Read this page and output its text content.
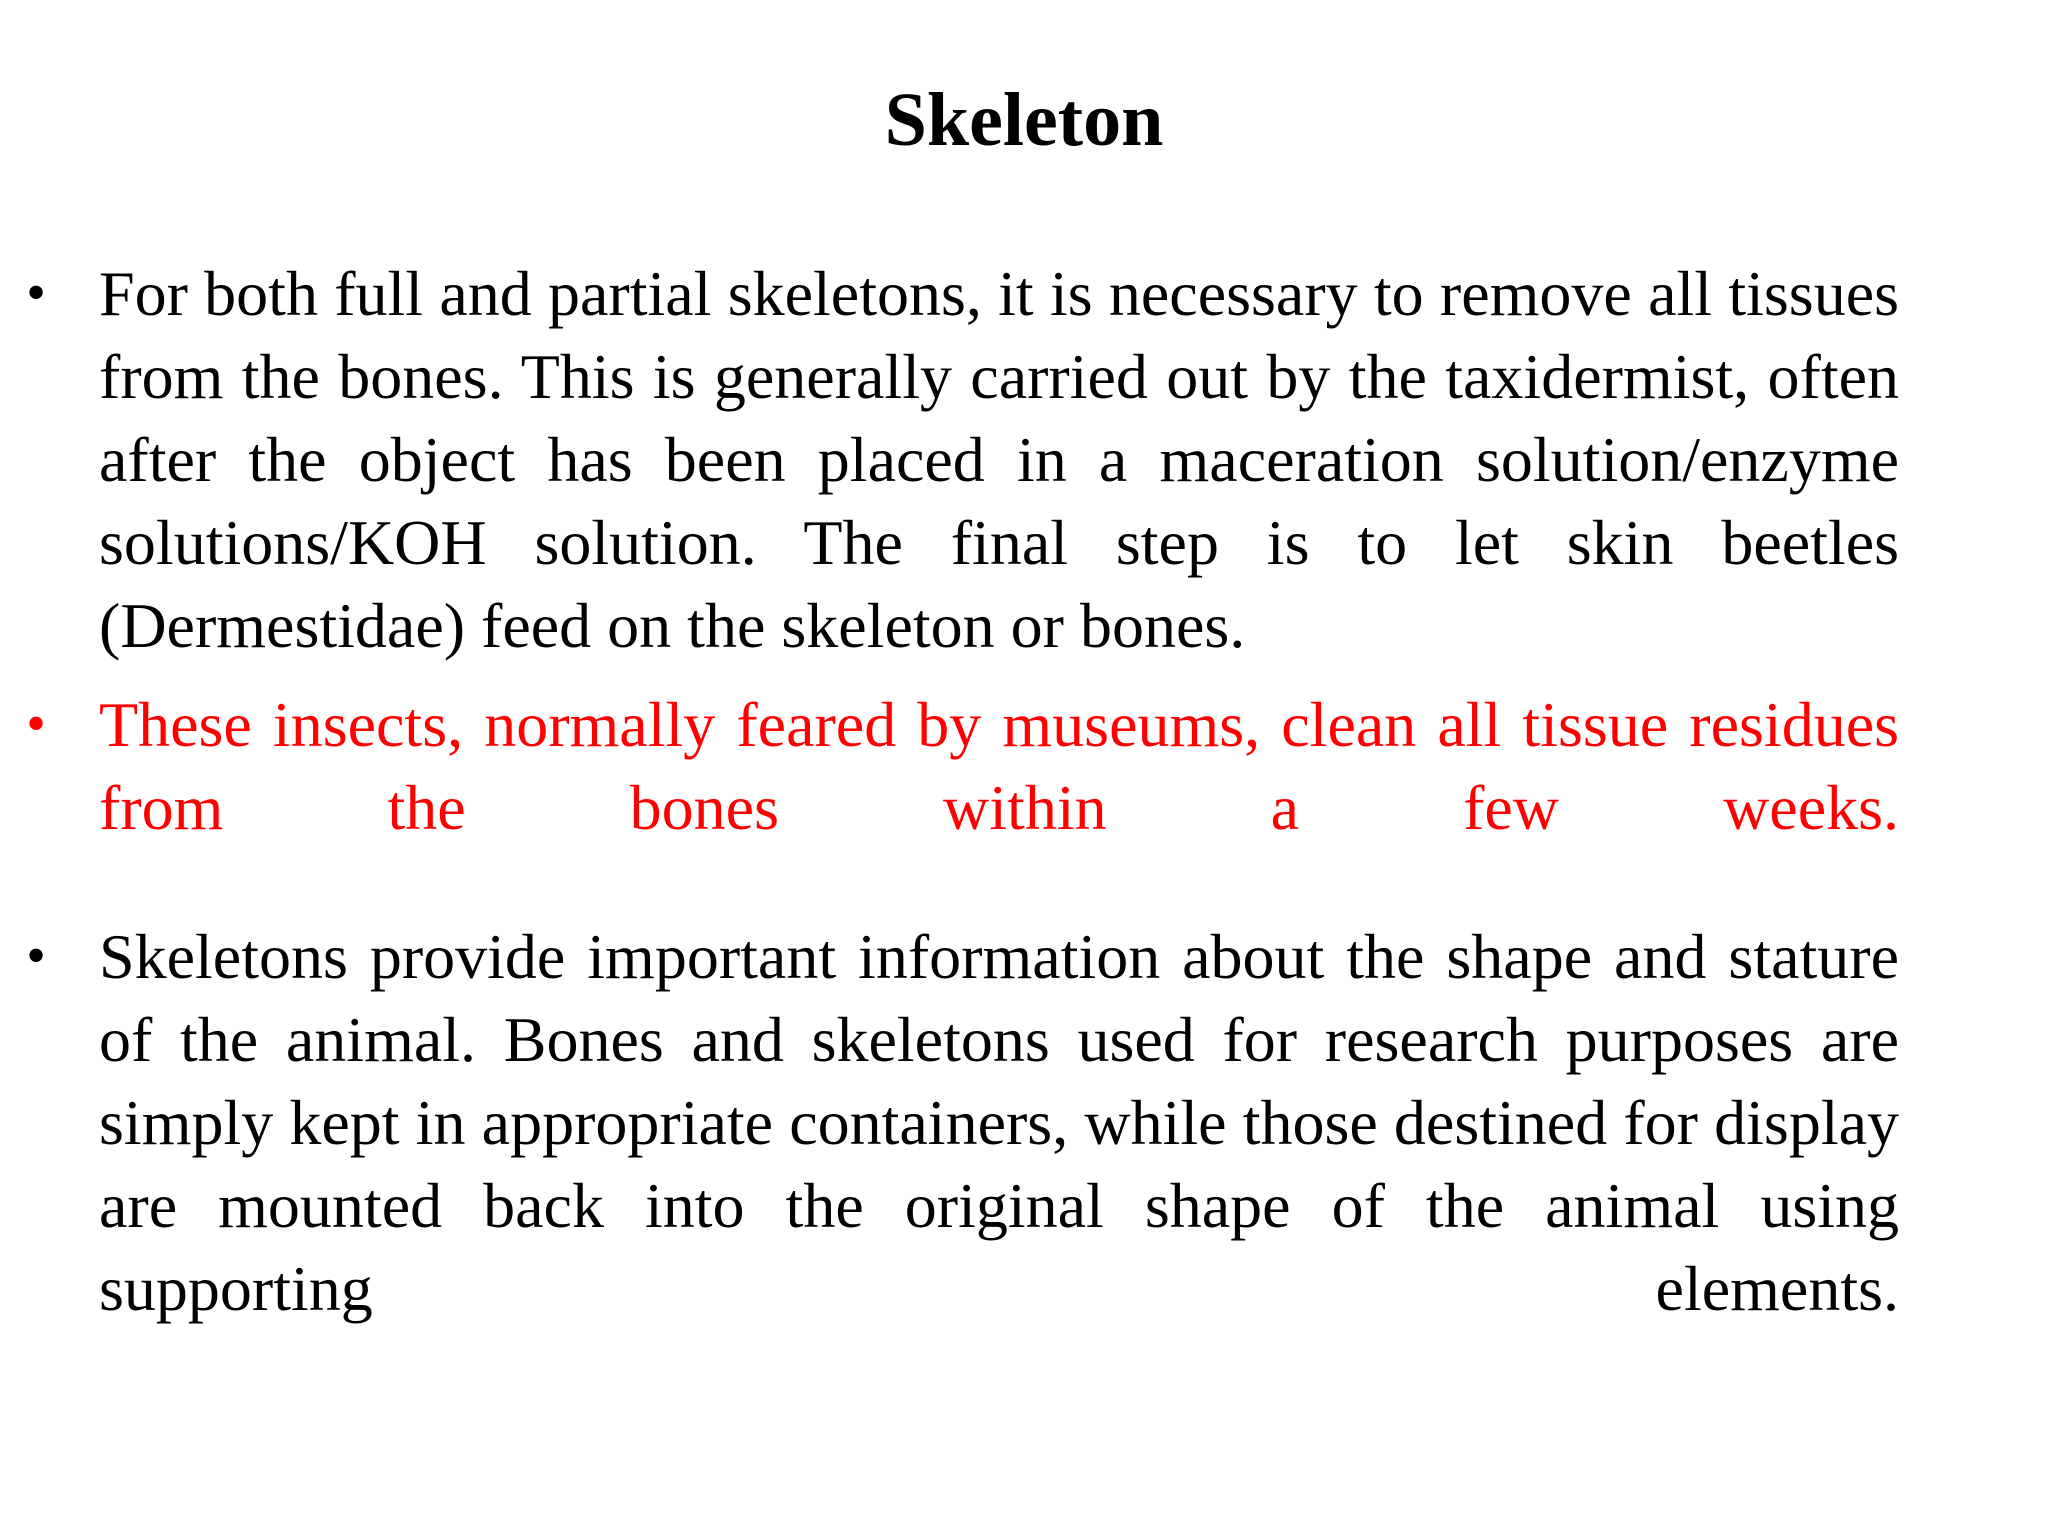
Skeleton
• For both full and partial skeletons, it is necessary to remove all tissues from the bones. This is generally carried out by the taxidermist, often after the object has been placed in a maceration solution/enzyme solutions/KOH solution. The final step is to let skin beetles (Dermestidae) feed on the skeleton or bones.
• These insects, normally feared by museums, clean all tissue residues from the bones within a few weeks.
• Skeletons provide important information about the shape and stature of the animal. Bones and skeletons used for research purposes are simply kept in appropriate containers, while those destined for display are mounted back into the original shape of the animal using supporting elements.
